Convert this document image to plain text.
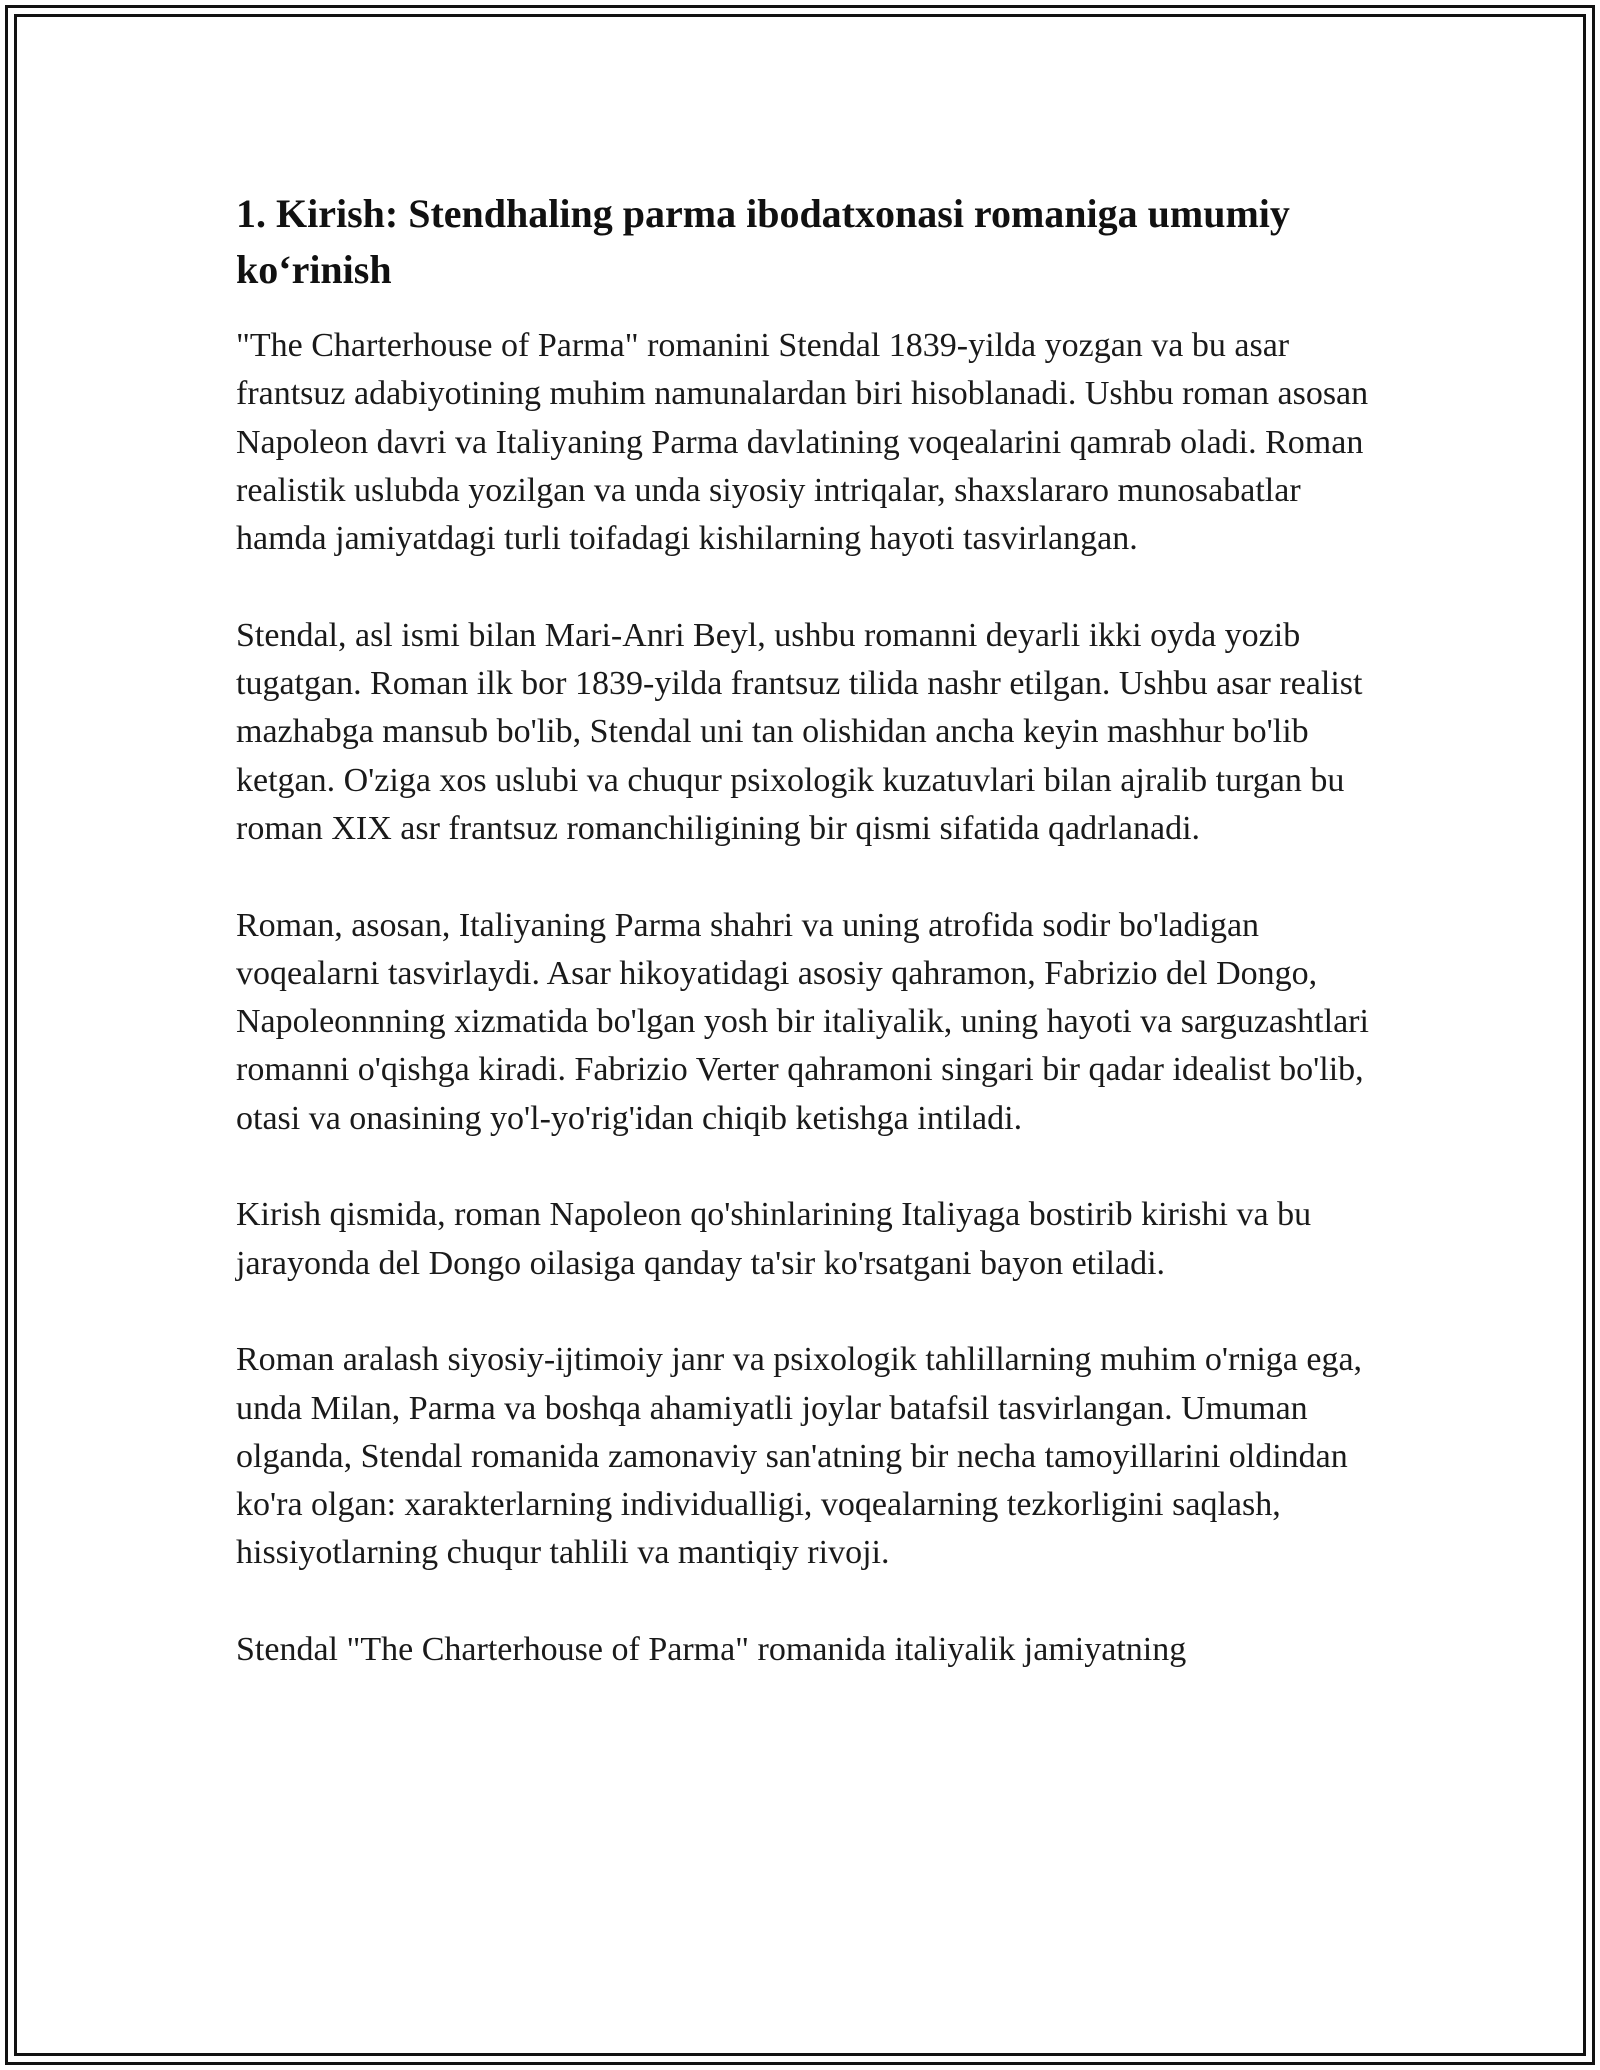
1. Kirish: Stendhaling parma ibodatxonasi romaniga umumiy koʻrinish

"The Charterhouse of Parma" romanini Stendal 1839-yilda yozgan va bu asar frantsuz adabiyotining muhim namunalardan biri hisoblanadi. Ushbu roman asosan Napoleon davri va Italiyaning Parma davlatining voqealarini qamrab oladi. Roman realistik uslubda yozilgan va unda siyosiy intriqalar, shaxslararo munosabatlar hamda jamiyatdagi turli toifadagi kishilarning hayoti tasvirlangan.

Stendal, asl ismi bilan Mari-Anri Beyl, ushbu romanni deyarli ikki oyda yozib tugatgan. Roman ilk bor 1839-yilda frantsuz tilida nashr etilgan. Ushbu asar realist mazhabga mansub bo'lib, Stendal uni tan olishidan ancha keyin mashhur bo'lib ketgan. O'ziga xos uslubi va chuqur psixologik kuzatuvlari bilan ajralib turgan bu roman XIX asr frantsuz romanchiligining bir qismi sifatida qadrlanadi.

Roman, asosan, Italiyaning Parma shahri va uning atrofida sodir bo'ladigan voqealarni tasvirlaydi. Asar hikoyatidagi asosiy qahramon, Fabrizio del Dongo, Napoleonnning xizmatida bo'lgan yosh bir italiyalik, uning hayoti va sarguzashtlari romanni o'qishga kiradi. Fabrizio Verter qahramoni singari bir qadar idealist bo'lib, otasi va onasining yo'l-yo'rig'idan chiqib ketishga intiladi.

Kirish qismida, roman Napoleon qo'shinlarining Italiyaga bostirib kirishi va bu jarayonda del Dongo oilasiga qanday ta'sir ko'rsatgani bayon etiladi.

Roman aralash siyosiy-ijtimoiy janr va psixologik tahlillarning muhim o'rniga ega, unda Milan, Parma va boshqa ahamiyatli joylar batafsil tasvirlangan. Umuman olganda, Stendal romanida zamonaviy san'atning bir necha tamoyillarini oldindan ko'ra olgan: xarakterlarning individualligi, voqealarning tezkorligini saqlash, hissiyotlarning chuqur tahlili va mantiqiy rivoji.

Stendal "The Charterhouse of Parma" romanida italiyalik jamiyatning
